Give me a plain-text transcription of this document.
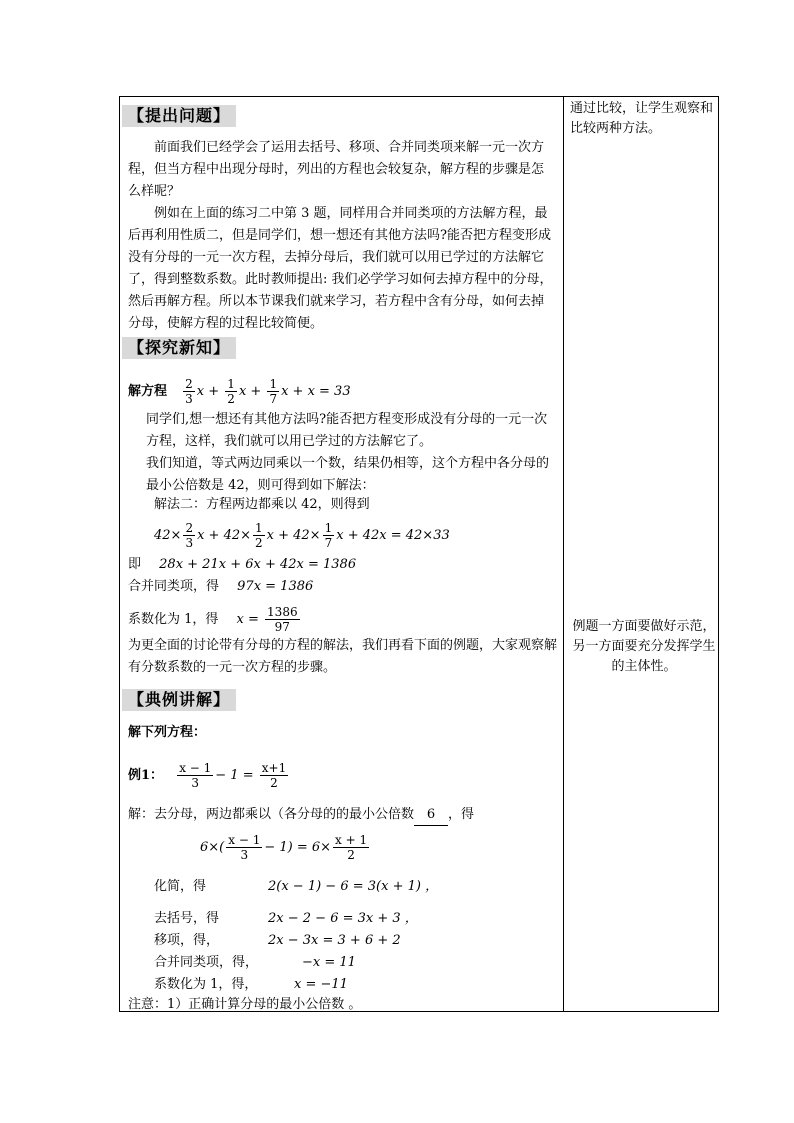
【提出问题】

前面我们已经学会了运用去括号、移项、合并同类项来解一元一次方程，但当方程中出现分母时，列出的方程也会较复杂，解方程的步骤是怎么样呢？

例如在上面的练习二中第 3 题，同样用合并同类项的方法解方程，最后再利用性质二，但是同学们，想一想还有其他方法吗?能否把方程变形成没有分母的一元一次方程，去掉分母后，我们就可以用已学过的方法解它了，得到整数系数。此时教师提出: 我们必学学习如何去掉方程中的分母，然后再解方程。所以本节课我们就来学习，若方程中含有分母，如何去掉分母，使解方程的过程比较简便。

【探究新知】
解方程 $\frac{2}{3}$ $x + \frac{1}{2}$ $x + \frac{1}{7}$ x + x = 33
同学们,想一想还有其他方法吗?能否把方程变形成没有分母的一元一次方程，这样，我们就可以用已学过的方法解它了。
我们知道，等式两边同乘以一个数，结果仍相等，这个方程中各分母的最小公倍数是 42，则可得到如下解法：
解法二：方程两边都乘以 42，则得到
$42\times \frac{2}{3}$ $x + 42\times \frac{1}{2}$ $x + 42\times \frac{1}{7}$ x + 42x = 42×33
即 28x + 21x + 6x + 42x = 1386
合并同类项，得 97x = 1386
系数化为 1，得 $x = \frac{1386}{97}$
为更全面的讨论带有分母的方程的解法，我们再看下面的例题，大家观察解有分数系数的一元一次方程的步骤。
【典例讲解】
解下列方程：
例1： $\frac{x - 1}{3} - 1 = \frac{x+1}{2}$
解：去分母，两边都乘以（各分母的的最小公倍数 6 ，得
$6\times( \frac{x - 1}{3} - 1) = 6\times \frac{x + 1}{2}$
化简，得	2(x − 1) − 6 = 3(x + 1) ，
去括号，得	2x − 2 − 6 = 3x + 3 ，
移项，得，	2x − 3x = 3 + 6 + 2
合并同类项，得，	−x = 11
系数化为 1，得，	x = −11
注意：1）正确计算分母的最小公倍数 。
通过比较，让学生观察和比较两种方法。
例题一方面要做好示范，另一方面要充分发挥学生的主体性。
